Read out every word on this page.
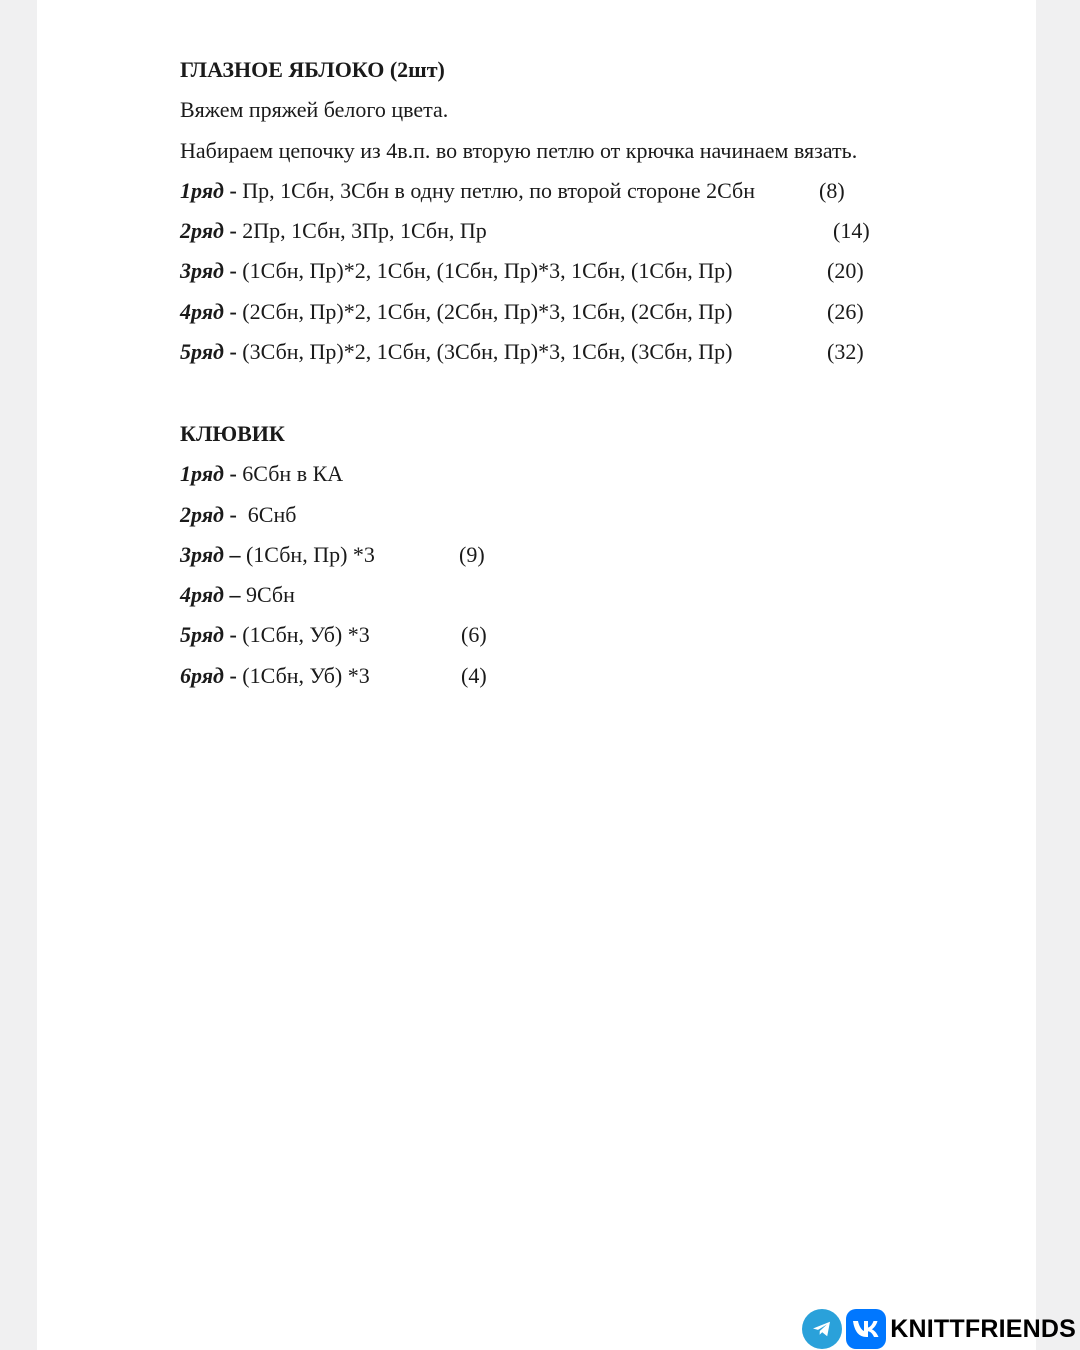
ГЛАЗНОЕ ЯБЛОКО (2шт)
Вяжем пряжей белого цвета.
Набираем цепочку из 4в.п. во вторую петлю от крючка начинаем вязать.
1ряд - Пр, 1Сбн, 3Сбн в одну петлю, по второй стороне 2Сбн	(8)
2ряд - 2Пр, 1Сбн, 3Пр, 1Сбн, Пр	(14)
3ряд - (1Сбн, Пр)*2, 1Сбн, (1Сбн, Пр)*3, 1Сбн, (1Сбн, Пр)	(20)
4ряд - (2Сбн, Пр)*2, 1Сбн, (2Сбн, Пр)*3, 1Сбн, (2Сбн, Пр)	(26)
5ряд - (3Сбн, Пр)*2, 1Сбн, (3Сбн, Пр)*3, 1Сбн, (3Сбн, Пр)	(32)
КЛЮВИК
1ряд - 6Сбн в КА
2ряд -  6Снб
3ряд – (1Сбн, Пр) *3	(9)
4ряд – 9Сбн
5ряд - (1Сбн, Уб) *3	(6)
6ряд - (1Сбн, Уб) *3	(4)
KNITTFRIENDS
